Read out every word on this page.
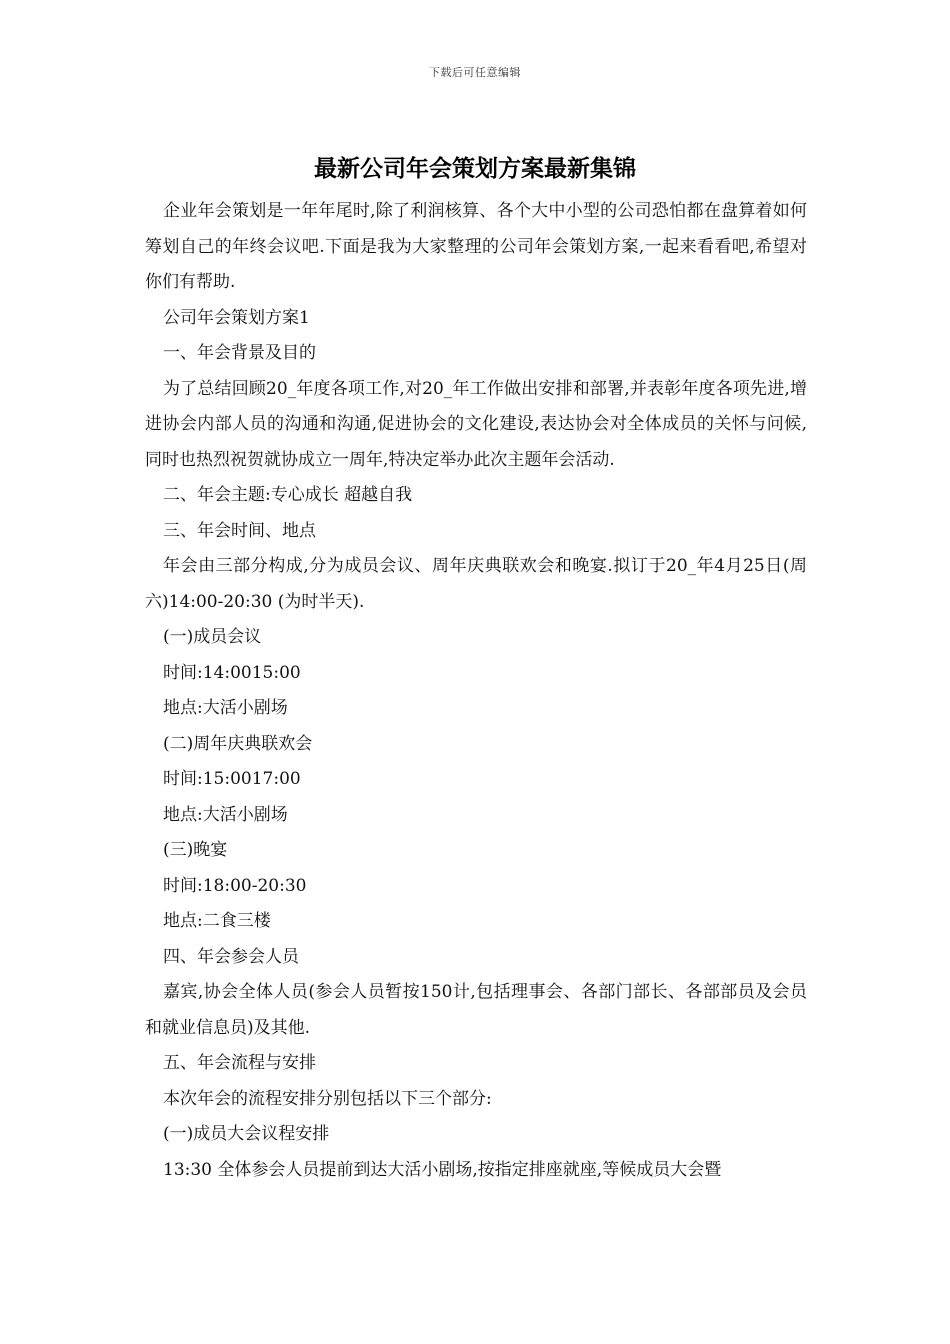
下载后可任意编辑
最新公司年会策划方案最新集锦

企业年会策划是一年年尾时,除了利润核算、各个大中小型的公司恐怕都在盘算着如何筹划自己的年终会议吧.下面是我为大家整理的公司年会策划方案,一起来看看吧,希望对你们有帮助.

公司年会策划方案1

一、年会背景及目的

为了总结回顾20_年度各项工作,对20_年工作做出安排和部署,并表彰年度各项先进,增进协会内部人员的沟通和沟通,促进协会的文化建设,表达协会对全体成员的关怀与问候,同时也热烈祝贺就协成立一周年,特决定举办此次主题年会活动.

二、年会主题:专心成长 超越自我

三、年会时间、地点

年会由三部分构成,分为成员会议、周年庆典联欢会和晚宴.拟订于20_年4月25日(周六)14:00-20:30 (为时半天).

(一)成员会议

时间:14:0015:00

地点:大活小剧场

(二)周年庆典联欢会

时间:15:0017:00

地点:大活小剧场

(三)晚宴

时间:18:00-20:30

地点:二食三楼

四、年会参会人员

嘉宾,协会全体人员(参会人员暂按150计,包括理事会、各部门部长、各部部员及会员和就业信息员)及其他.

五、年会流程与安排

本次年会的流程安排分别包括以下三个部分:

(一)成员大会议程安排

13:30 全体参会人员提前到达大活小剧场,按指定排座就座,等候成员大会暨
